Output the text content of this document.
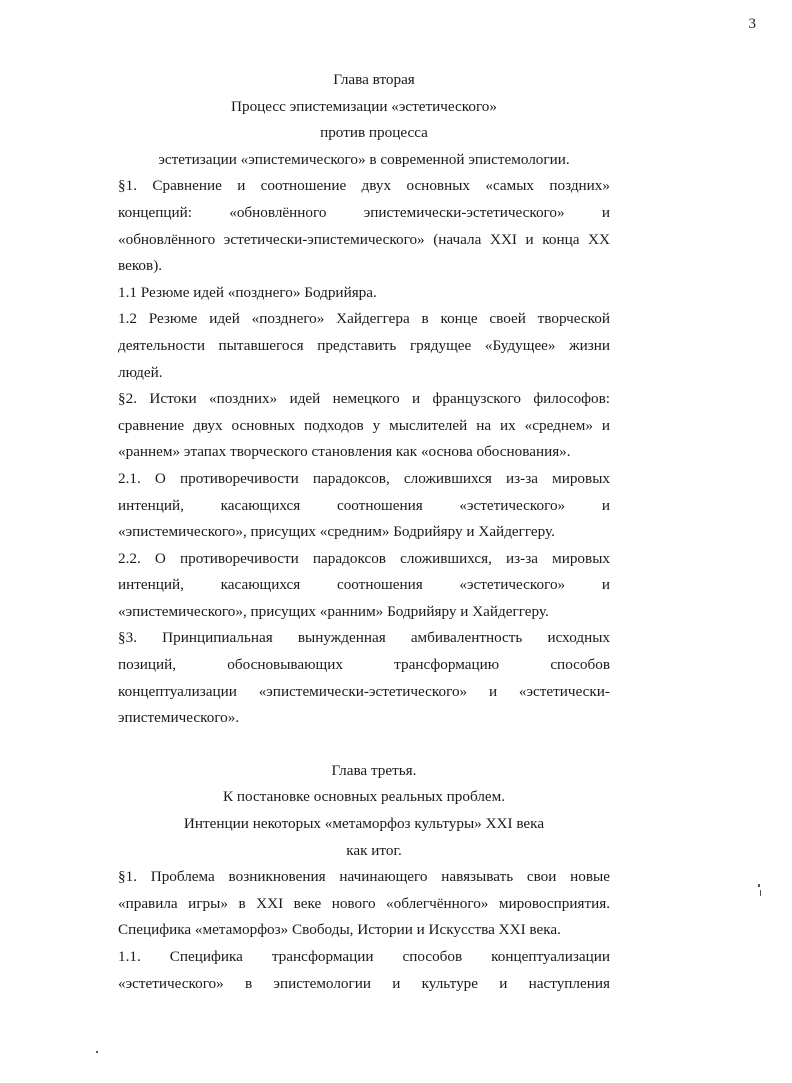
3
Глава вторая
Процесс эпистемизации «эстетического»
против процесса
эстетизации «эпистемического» в современной эпистемологии.
§1. Сравнение и соотношение двух основных «самых поздних»
концепций: «обновлённого эпистемически-эстетического» и
«обновлённого эстетически-эпистемического» (начала XXI и конца XX
веков).
1.1 Резюме идей «позднего» Бодрийяра.
1.2 Резюме идей «позднего» Хайдеггера в конце своей творческой
деятельности пытавшегося представить грядущее «Будущее» жизни
людей.
§2. Истоки «поздних» идей немецкого и французского философов:
сравнение двух основных подходов у мыслителей на их «среднем» и
«раннем» этапах творческого становления как «основа обоснования».
2.1. О противоречивости парадоксов, сложившихся из-за мировых
интенций, касающихся соотношения «эстетического» и
«эпистемического», присущих «средним» Бодрийяру и Хайдеггеру.
2.2. О противоречивости парадоксов сложившихся, из-за мировых
интенций, касающихся соотношения «эстетического» и
«эпистемического», присущих «ранним» Бодрийяру и Хайдеггеру.
§3. Принципиальная вынужденная амбивалентность исходных
позиций, обосновывающих трансформацию способов
концептуализации «эпистемически-эстетического» и «эстетически-
эпистемического».
Глава третья.
К постановке основных реальных проблем.
Интенции некоторых «метаморфоз культуры» XXI века
как итог.
§1. Проблема возникновения начинающего навязывать свои новые
«правила игры» в XXI веке нового «облегчённого» мировосприятия.
Специфика «метаморфоз» Свободы, Истории и Искусства XXI века.
1.1. Специфика трансформации способов концептуализации
«эстетического» в эпистемологии и культуре и наступления
